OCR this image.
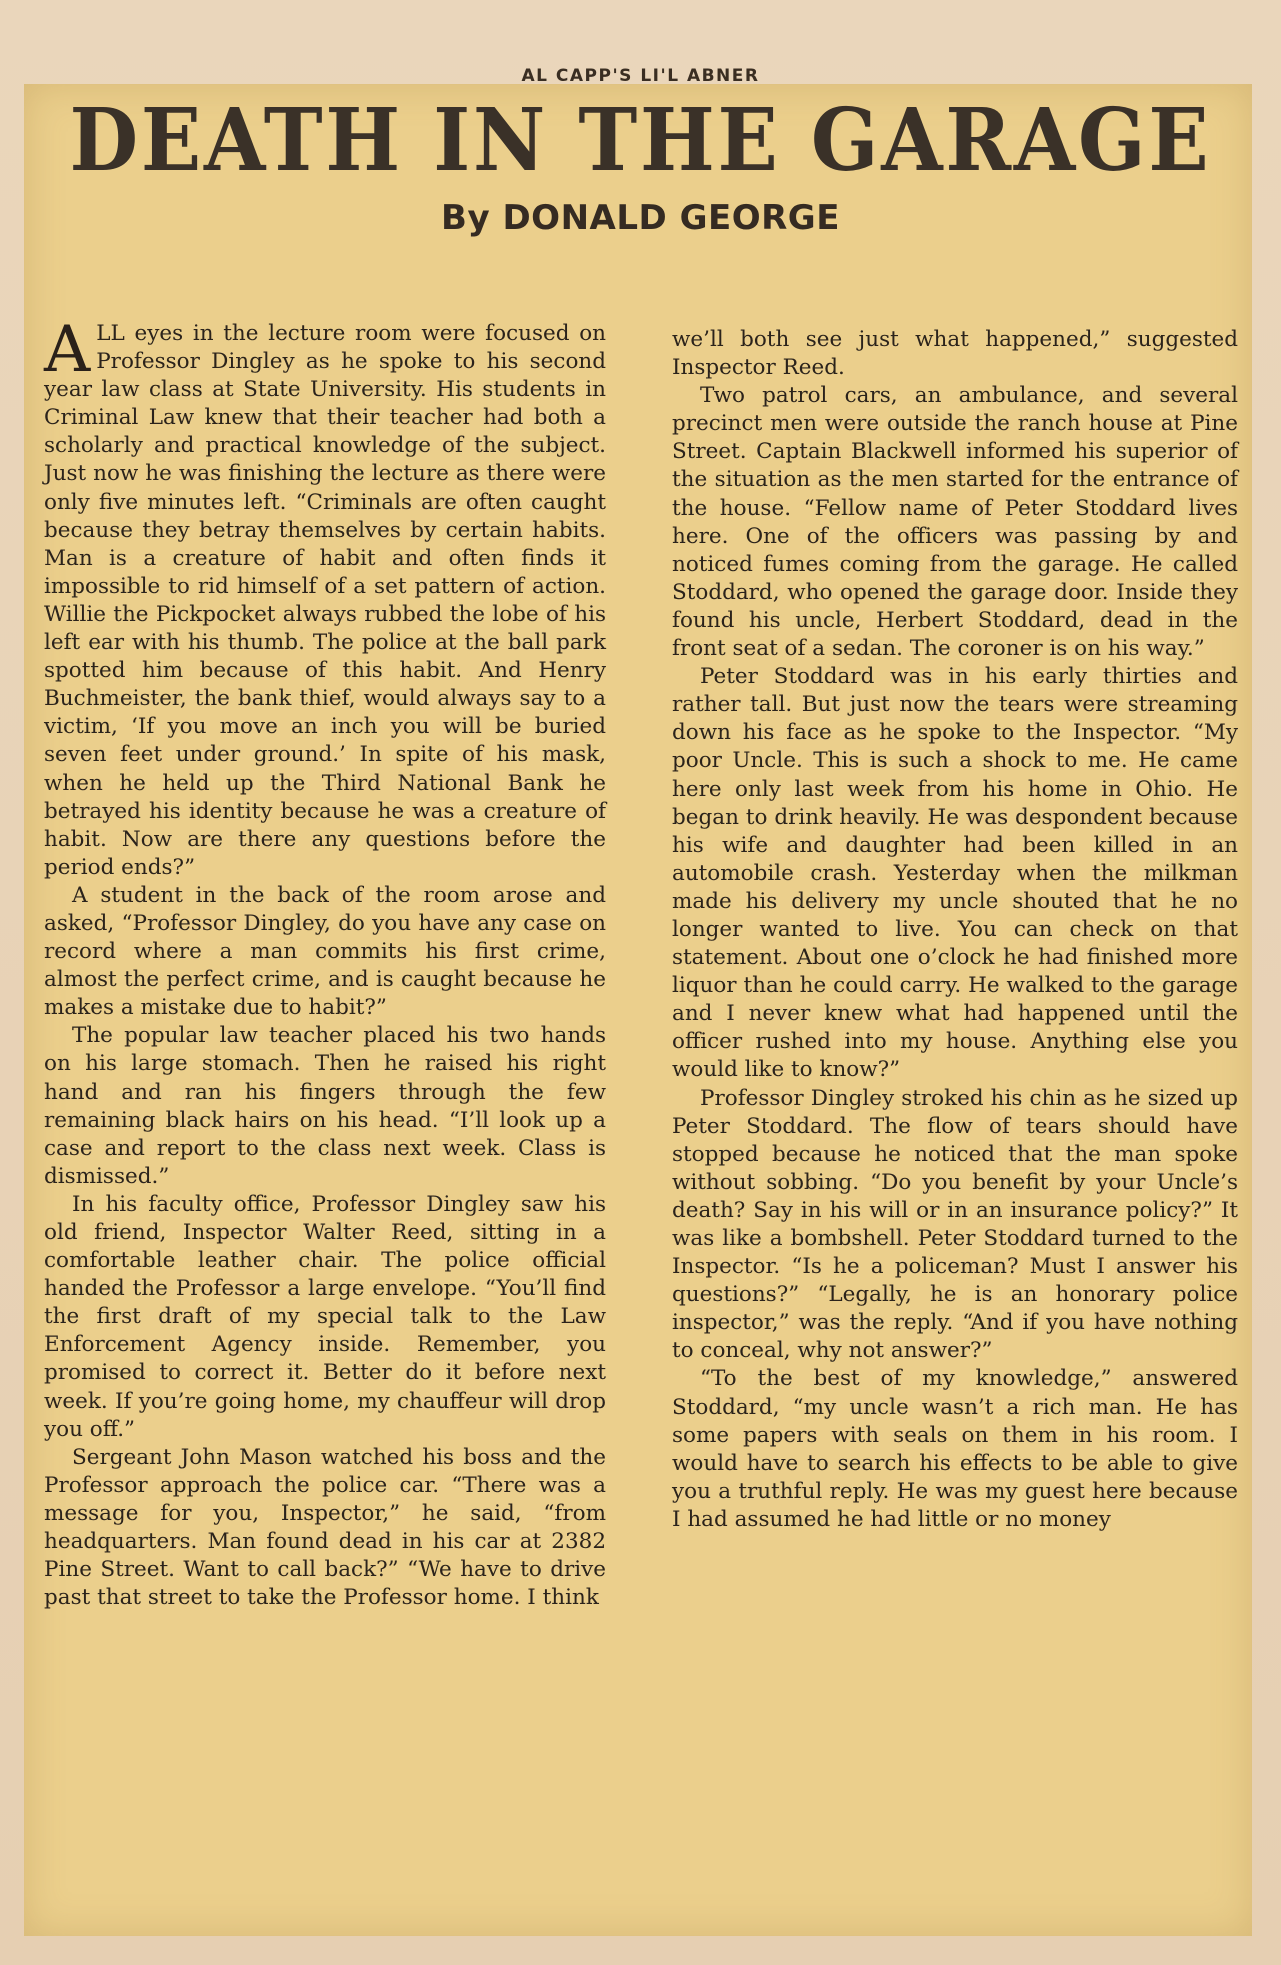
AL CAPP'S LI'L ABNER
DEATH IN THE GARAGE
By DONALD GEORGE

ALL eyes in the lecture room were focused on Professor Dingley as he spoke to his second year law class at State University. His students in Criminal Law knew that their teacher had both a scholarly and practical knowledge of the subject. Just now he was finishing the lecture as there were only five minutes left. “Criminals are often caught because they betray themselves by certain habits. Man is a creature of habit and often finds it impossible to rid himself of a set pattern of action. Willie the Pickpocket always rubbed the lobe of his left ear with his thumb. The police at the ball park spotted him because of this habit. And Henry Buchmeister, the bank thief, would always say to a victim, ‘If you move an inch you will be buried seven feet under ground.’ In spite of his mask, when he held up the Third National Bank he betrayed his identity because he was a creature of habit. Now are there any questions before the period ends?”

A student in the back of the room arose and asked, “Professor Dingley, do you have any case on record where a man commits his first crime, almost the perfect crime, and is caught because he makes a mistake due to habit?”

The popular law teacher placed his two hands on his large stomach. Then he raised his right hand and ran his fingers through the few remaining black hairs on his head. “I’ll look up a case and report to the class next week. Class is dismissed.”

In his faculty office, Professor Dingley saw his old friend, Inspector Walter Reed, sitting in a comfortable leather chair. The police official handed the Professor a large envelope. “You’ll find the first draft of my special talk to the Law Enforcement Agency inside. Remember, you promised to correct it. Better do it before next week. If you’re going home, my chauffeur will drop you off.”

Sergeant John Mason watched his boss and the Professor approach the police car. “There was a message for you, Inspector,” he said, “from headquarters. Man found dead in his car at 2382 Pine Street. Want to call back?” “We have to drive past that street to take the Professor home. I think

we’ll both see just what happened,” suggested Inspector Reed.

Two patrol cars, an ambulance, and several precinct men were outside the ranch house at Pine Street. Captain Blackwell informed his superior of the situation as the men started for the entrance of the house. “Fellow name of Peter Stoddard lives here. One of the officers was passing by and noticed fumes coming from the garage. He called Stoddard, who opened the garage door. Inside they found his uncle, Herbert Stoddard, dead in the front seat of a sedan. The coroner is on his way.”

Peter Stoddard was in his early thirties and rather tall. But just now the tears were streaming down his face as he spoke to the Inspector. “My poor Uncle. This is such a shock to me. He came here only last week from his home in Ohio. He began to drink heavily. He was despondent because his wife and daughter had been killed in an automobile crash. Yesterday when the milkman made his delivery my uncle shouted that he no longer wanted to live. You can check on that statement. About one o’clock he had finished more liquor than he could carry. He walked to the garage and I never knew what had happened until the officer rushed into my house. Anything else you would like to know?”

Professor Dingley stroked his chin as he sized up Peter Stoddard. The flow of tears should have stopped because he noticed that the man spoke without sobbing. “Do you benefit by your Uncle’s death? Say in his will or in an insurance policy?” It was like a bombshell. Peter Stoddard turned to the Inspector. “Is he a policeman? Must I answer his questions?” “Legally, he is an honorary police inspector,” was the reply. “And if you have nothing to conceal, why not answer?”

“To the best of my knowledge,” answered Stoddard, “my uncle wasn’t a rich man. He has some papers with seals on them in his room. I would have to search his effects to be able to give you a truthful reply. He was my guest here because I had assumed he had little or no money
